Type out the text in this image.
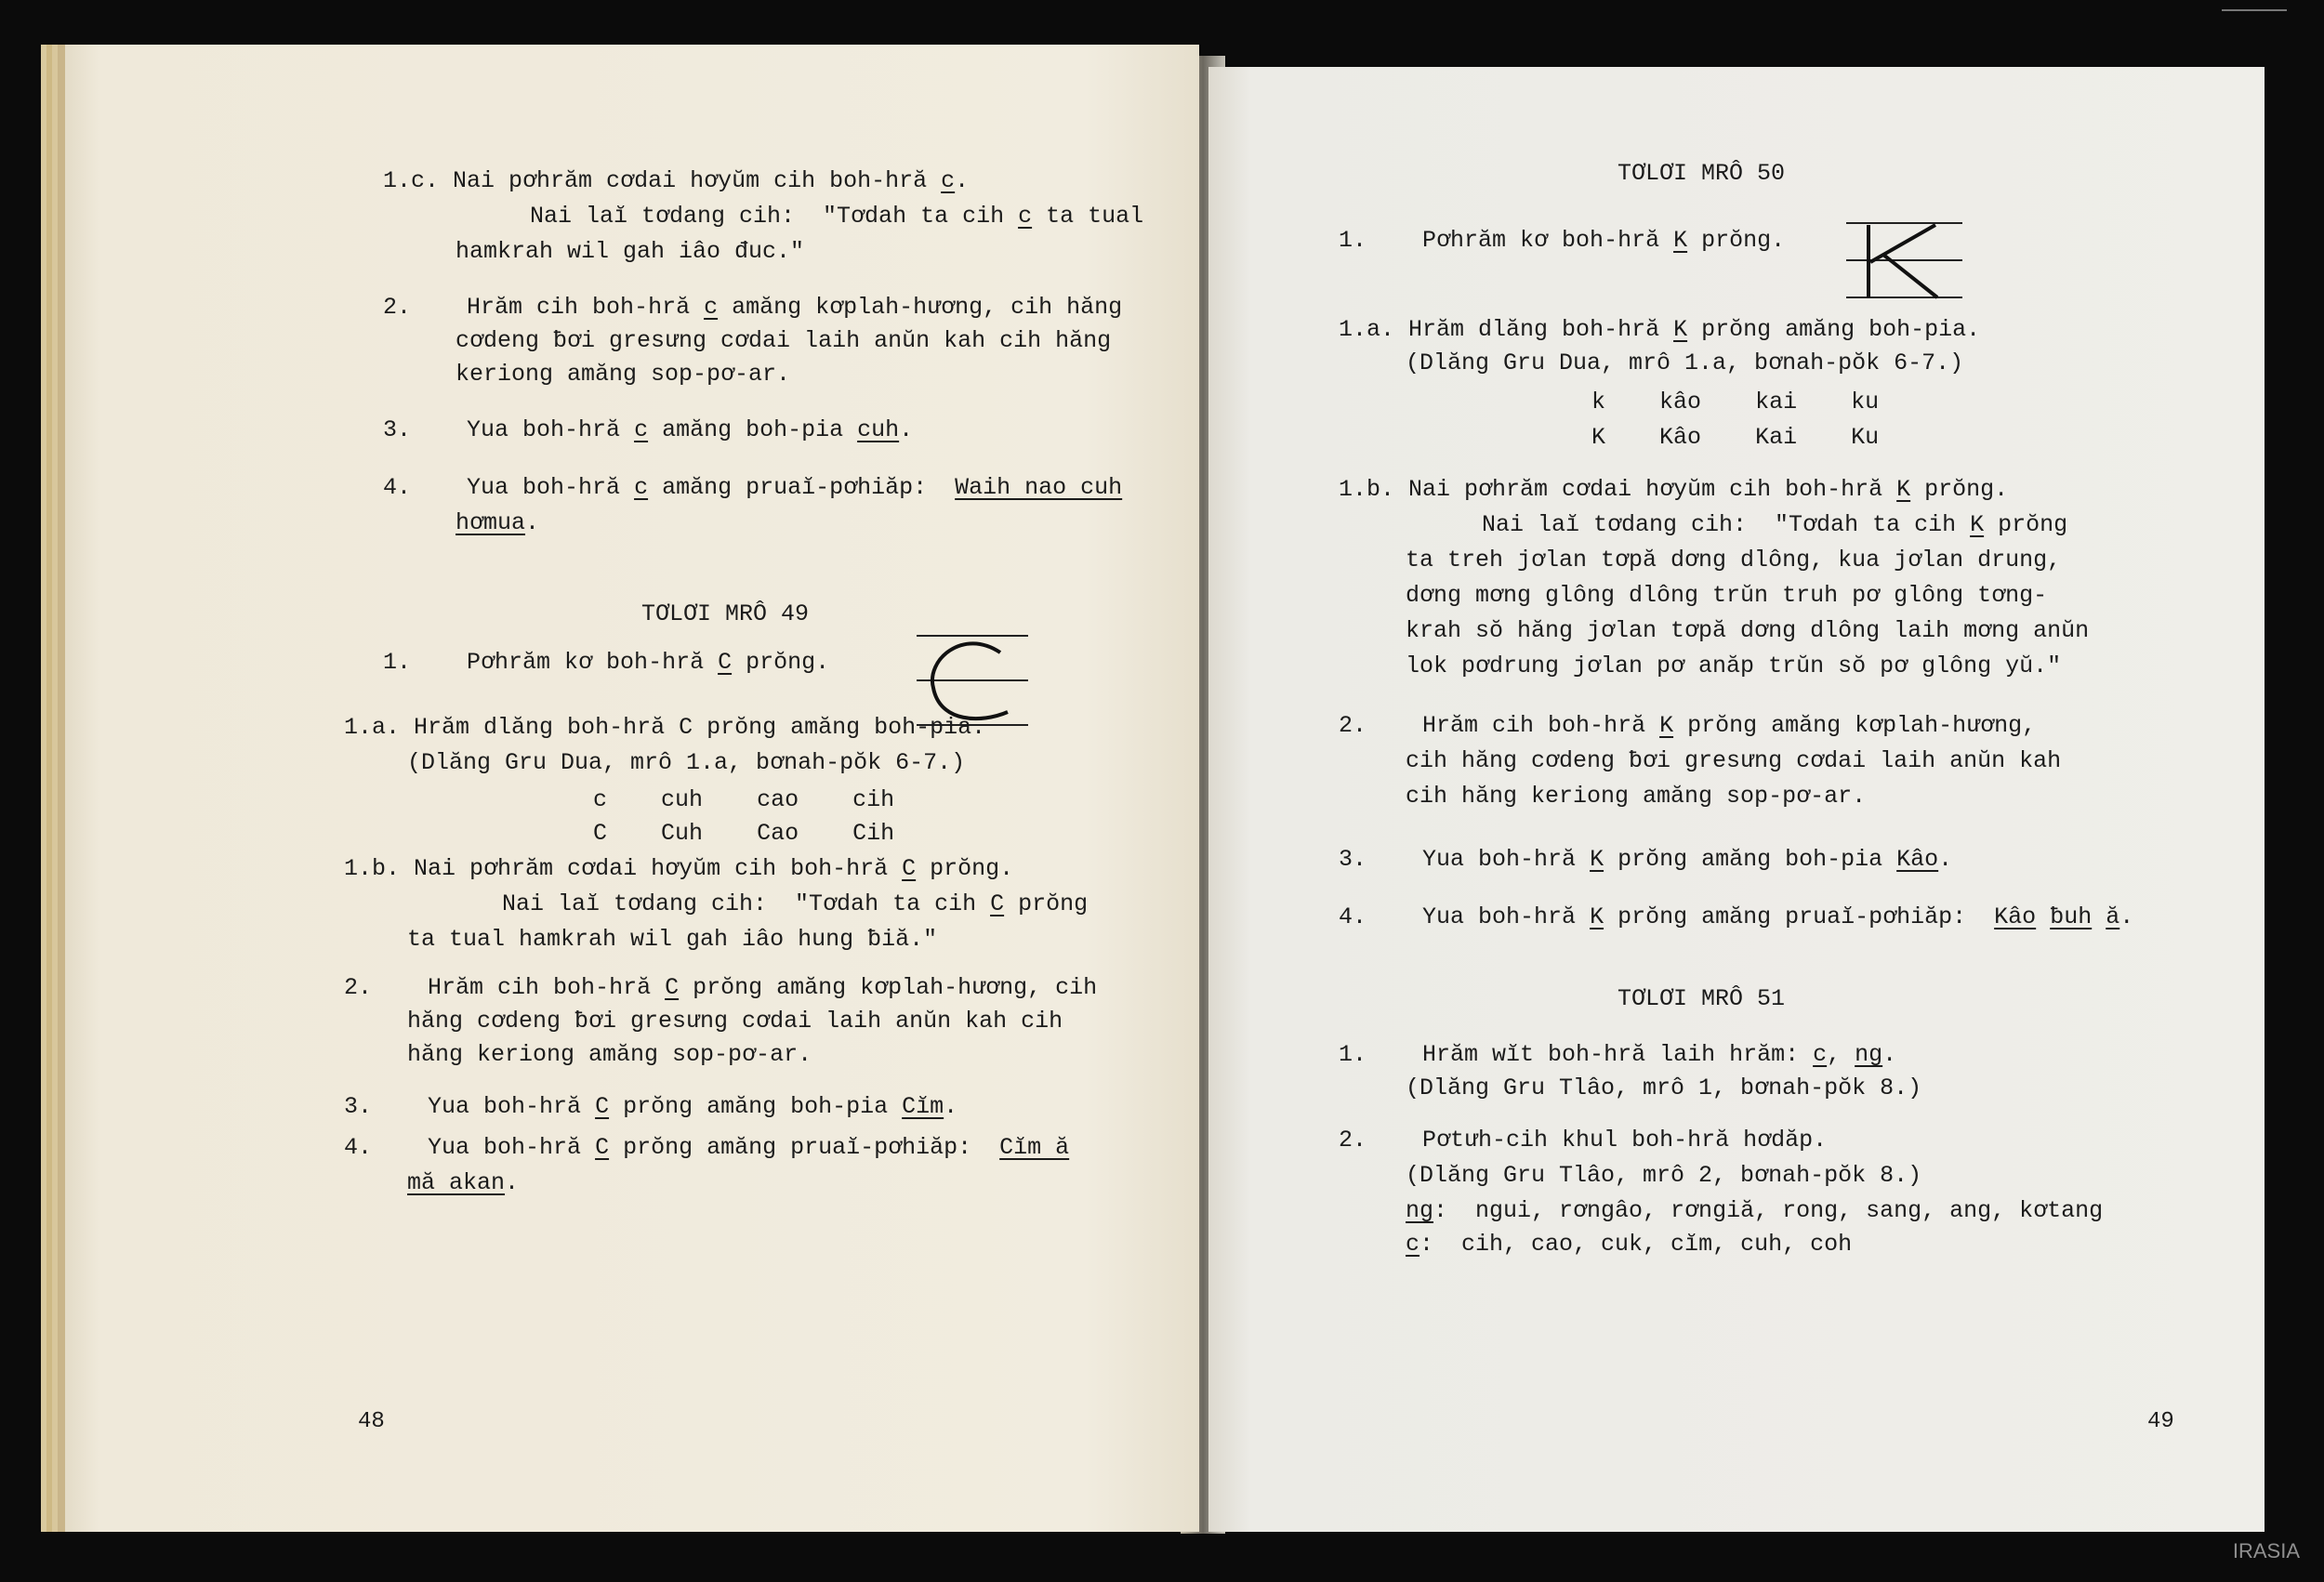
1.c. Nai pơhrăm cơdai hơyŭm cih boh-hră c.
Nai laĭ tơdang cih:  "Tơdah ta cih c ta tual
hamkrah wil gah iâo đuc."
2. Hrăm cih boh-hră c amăng kơplah-hương, cih hăng
cơdeng ƀơi gresưng cơdai laih anŭn kah cih hăng
keriong amăng sop-pơ-ar.
3. Yua boh-hră c amăng boh-pia cuh.
4. Yua boh-hră c amăng pruaĭ-pơhiăp:  Waih nao cuh
hơmua.
TƠLƠI MRÔ 49
1. Pơhrăm kơ boh-hră C prŏng.
1.a. Hrăm dlăng boh-hră C prŏng amăng boh-pia.
(Dlăng Gru Dua, mrô 1.a, bơnah-pŏk 6-7.)
c cuh cao cih
C Cuh Cao Cih
1.b. Nai pơhrăm cơdai hơyŭm cih boh-hră C prŏng.
Nai laĭ tơdang cih:  "Tơdah ta cih C prŏng
ta tual hamkrah wil gah iâo hung ƀiă."
2. Hrăm cih boh-hră C prŏng amăng kơplah-hương, cih
hăng cơdeng ƀơi gresưng cơdai laih anŭn kah cih
hăng keriong amăng sop-pơ-ar.
3. Yua boh-hră C prŏng amăng boh-pia Cĭm.
4. Yua boh-hră C prŏng amăng pruaĭ-pơhiăp:  Cĭm ă
mă akan.
48
TƠLƠI MRÔ 50
1. Pơhrăm kơ boh-hră K prŏng.
1.a. Hrăm dlăng boh-hră K prŏng amăng boh-pia.
(Dlăng Gru Dua, mrô 1.a, bơnah-pŏk 6-7.)
k kâo kai ku
K Kâo Kai Ku
1.b. Nai pơhrăm cơdai hơyŭm cih boh-hră K prŏng.
Nai laĭ tơdang cih:  "Tơdah ta cih K prŏng
ta treh jơlan tơpă dơng dlông, kua jơlan drung,
dơng mơng glông dlông trŭn truh pơ glông tơng-
krah sŏ hăng jơlan tơpă dơng dlông laih mơng anŭn
lok pơdrung jơlan pơ anăp trŭn sŏ pơ glông yŭ."
2. Hrăm cih boh-hră K prŏng amăng kơplah-hương,
cih hăng cơdeng ƀơi gresưng cơdai laih anŭn kah
cih hăng keriong amăng sop-pơ-ar.
3. Yua boh-hră K prŏng amăng boh-pia Kâo.
4. Yua boh-hră K prŏng amăng pruaĭ-pơhiăp:  Kâo ƀuh ă.
TƠLƠI MRÔ 51
1. Hrăm wĭt boh-hră laih hrăm: c, ng.
(Dlăng Gru Tlâo, mrô 1, bơnah-pŏk 8.)
2. Pơtưh-cih khul boh-hră hơdăp.
(Dlăng Gru Tlâo, mrô 2, bơnah-pŏk 8.)
ng:  ngui, rơngâo, rơngiă, rong, sang, ang, kơtang
c:  cih, cao, cuk, cĭm, cuh, coh
49
IRASIA
